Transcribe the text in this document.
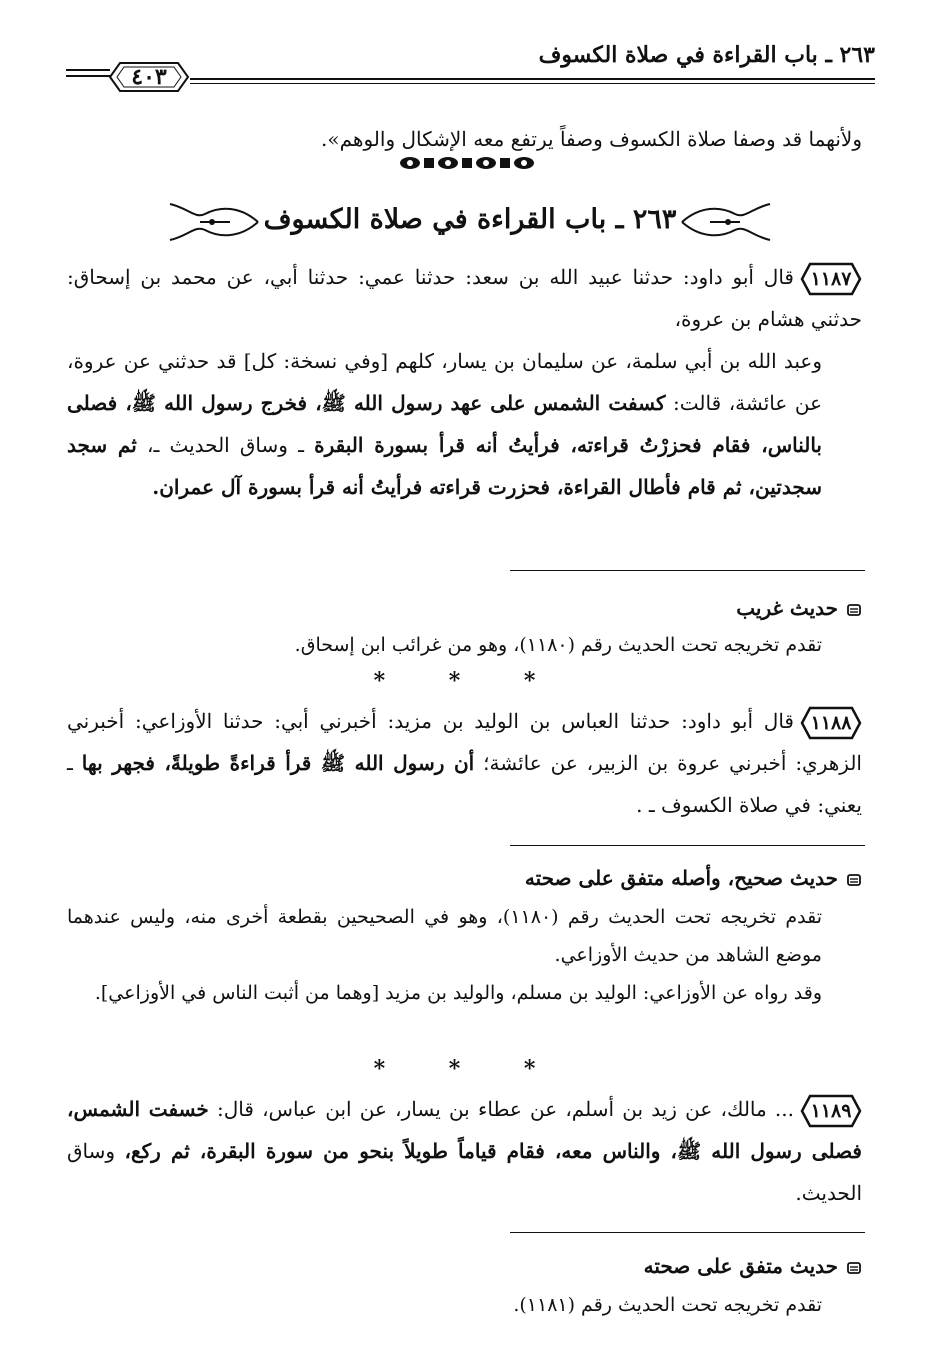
٢٦٣ ـ باب القراءة في صلاة الكسوف
٤٠٣
ولأنهما قد وصفا صلاة الكسوف وصفاً يرتفع معه الإشكال والوهم».
٢٦٣ ـ باب القراءة في صلاة الكسوف
١١٨٧
قال أبو داود: حدثنا عبيد الله بن سعد: حدثنا عمي: حدثنا أبي، عن محمد بن إسحاق: حدثني هشام بن عروة،
وعبد الله بن أبي سلمة، عن سليمان بن يسار، كلهم [وفي نسخة: كل] قد حدثني عن عروة، عن عائشة، قالت: كسفت الشمس على عهد رسول الله ﷺ، فخرج رسول الله ﷺ، فصلى بالناس، فقام فحزرْتُ قراءته، فرأيتُ أنه قرأ بسورة البقرة ـ وساق الحديث ـ، ثم سجد سجدتين، ثم قام فأطال القراءة، فحزرت قراءته فرأيتُ أنه قرأ بسورة آل عمران.
حديث غريب
تقدم تخريجه تحت الحديث رقم (١١٨٠)، وهو من غرائب ابن إسحاق.
* * *
١١٨٨
قال أبو داود: حدثنا العباس بن الوليد بن مزيد: أخبرني أبي: حدثنا الأوزاعي: أخبرني الزهري: أخبرني عروة بن الزبير، عن عائشة؛ أن رسول الله ﷺ قرأ قراءةً طويلةً، فجهر بها ـ يعني: في صلاة الكسوف ـ .
حديث صحيح، وأصله متفق على صحته
تقدم تخريجه تحت الحديث رقم (١١٨٠)، وهو في الصحيحين بقطعة أخرى منه، وليس عندهما موضع الشاهد من حديث الأوزاعي.
وقد رواه عن الأوزاعي: الوليد بن مسلم، والوليد بن مزيد [وهما من أثبت الناس في الأوزاعي].
* * *
١١٨٩
... مالك، عن زيد بن أسلم، عن عطاء بن يسار، عن ابن عباس، قال: خسفت الشمس، فصلى رسول الله ﷺ، والناس معه، فقام قياماً طويلاً بنحو من سورة البقرة، ثم ركع، وساق الحديث.
حديث متفق على صحته
تقدم تخريجه تحت الحديث رقم (١١٨١).
